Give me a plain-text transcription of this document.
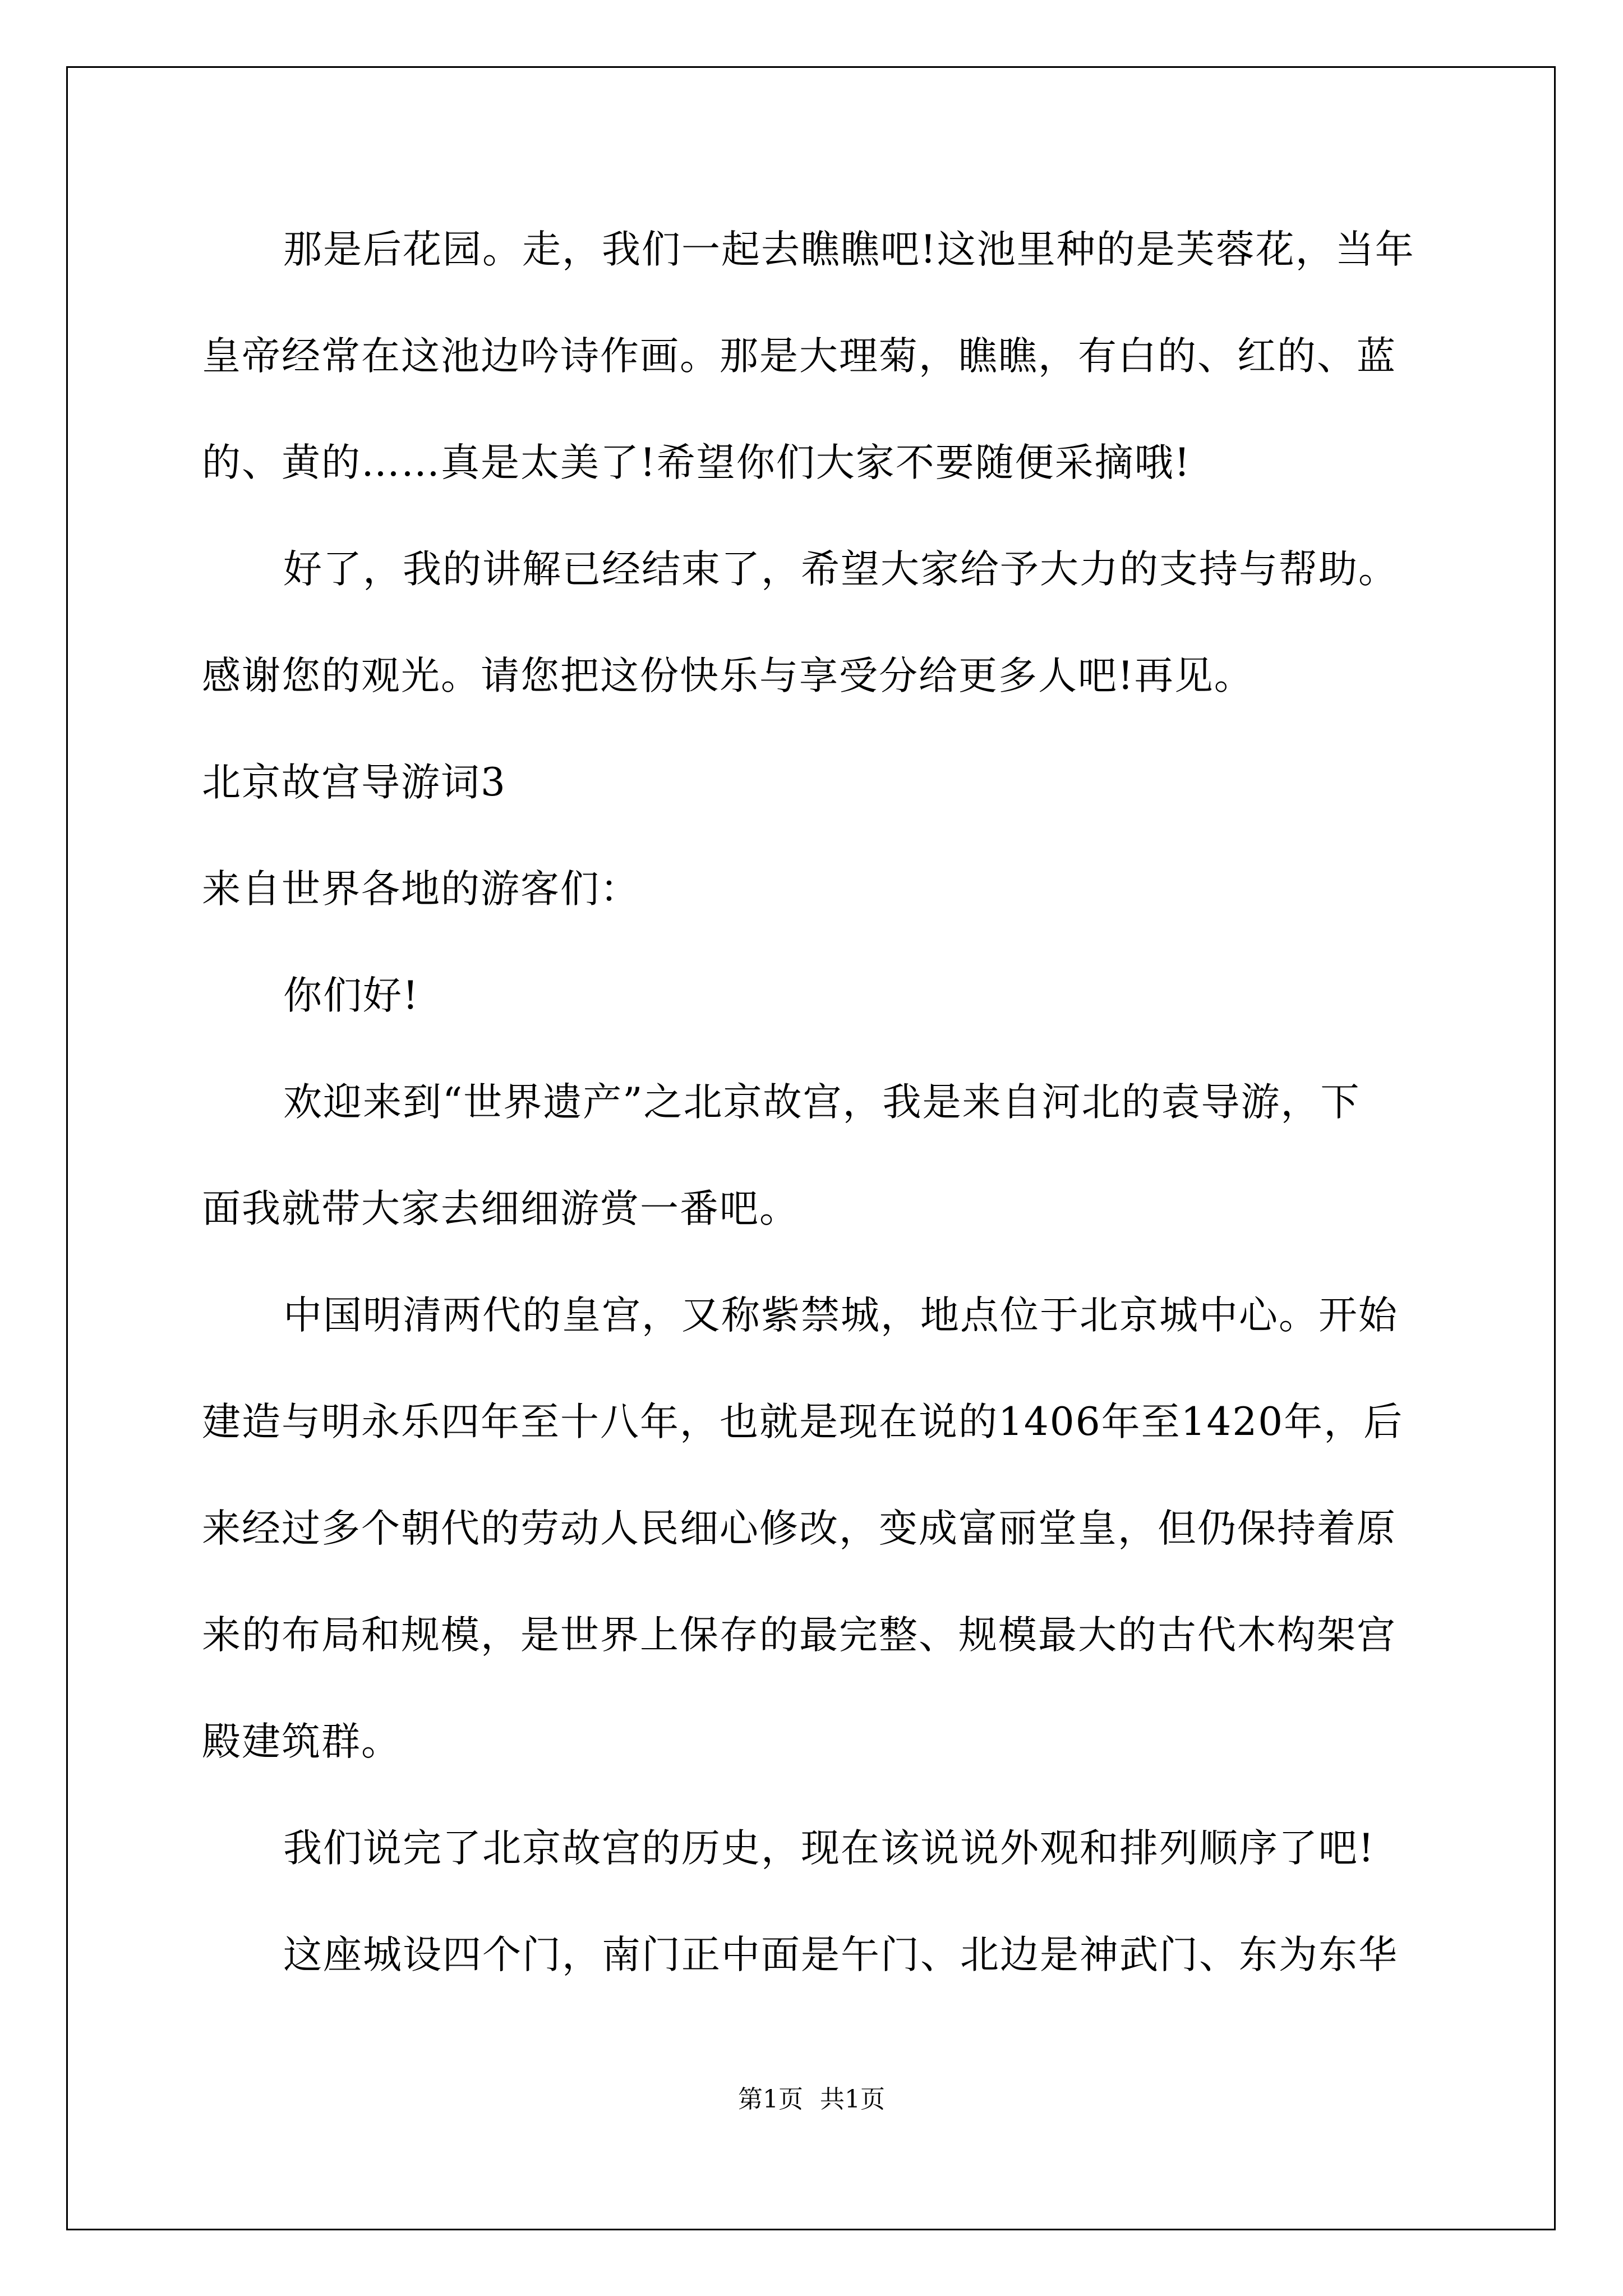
那是后花园。走，我们一起去瞧瞧吧!这池里种的是芙蓉花，当年
皇帝经常在这池边吟诗作画。那是大理菊，瞧瞧，有白的、红的、蓝
的、黄的……真是太美了!希望你们大家不要随便采摘哦!
好了，我的讲解已经结束了，希望大家给予大力的支持与帮助。
感谢您的观光。请您把这份快乐与享受分给更多人吧!再见。
北京故宫导游词3
来自世界各地的游客们：
你们好!
欢迎来到“世界遗产”之北京故宫，我是来自河北的袁导游，下
面我就带大家去细细游赏一番吧。
中国明清两代的皇宫，又称紫禁城，地点位于北京城中心。开始
建造与明永乐四年至十八年，也就是现在说的1406年至1420年，后
来经过多个朝代的劳动人民细心修改，变成富丽堂皇，但仍保持着原
来的布局和规模，是世界上保存的最完整、规模最大的古代木构架宫
殿建筑群。
我们说完了北京故宫的历史，现在该说说外观和排列顺序了吧!
这座城设四个门，南门正中面是午门、北边是神武门、东为东华
第1页 共1页
